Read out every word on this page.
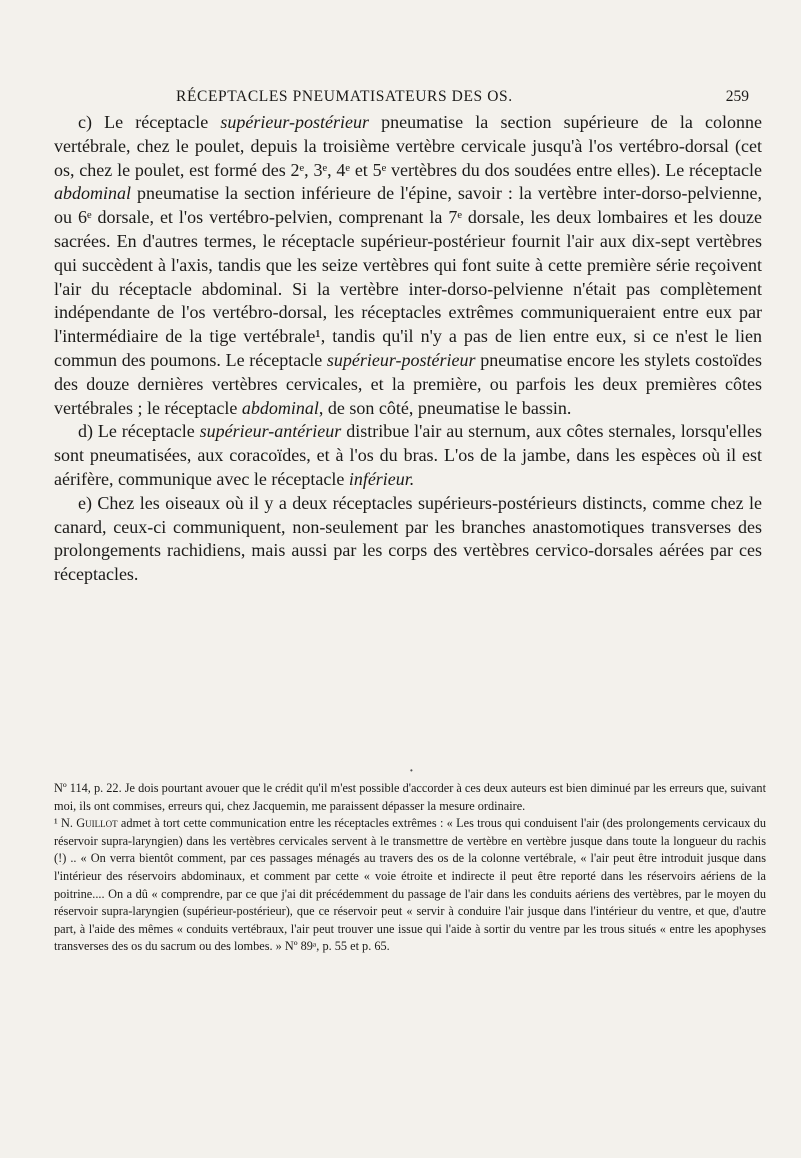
RÉCEPTACLES PNEUMATISATEURS DES OS.	259

c) Le réceptacle supérieur-postérieur pneumatise la section supérieure de la colonne vertébrale, chez le poulet, depuis la troisième vertèbre cervicale jusqu'à l'os vertébro-dorsal (cet os, chez le poulet, est formé des 2ᵉ, 3ᵉ, 4ᵉ et 5ᵉ vertèbres du dos soudées entre elles). Le réceptacle abdominal pneumatise la section inférieure de l'épine, savoir : la vertèbre inter-dorso-pelvienne, ou 6ᵉ dorsale, et l'os vertébro-pelvien, comprenant la 7ᵉ dorsale, les deux lombaires et les douze sacrées. En d'autres termes, le réceptacle supérieur-postérieur fournit l'air aux dix-sept vertèbres qui succèdent à l'axis, tandis que les seize vertèbres qui font suite à cette première série reçoivent l'air du réceptacle abdominal. Si la vertèbre inter-dorso-pelvienne n'était pas complètement indépendante de l'os vertébro-dorsal, les réceptacles extrêmes communiqueraient entre eux par l'intermédiaire de la tige vertébrale¹, tandis qu'il n'y a pas de lien entre eux, si ce n'est le lien commun des poumons. Le réceptacle supérieur-postérieur pneumatise encore les stylets costoïdes des douze dernières vertèbres cervicales, et la première, ou parfois les deux premières côtes vertébrales ; le réceptacle abdominal, de son côté, pneumatise le bassin.

d) Le réceptacle supérieur-antérieur distribue l'air au sternum, aux côtes sternales, lorsqu'elles sont pneumatisées, aux coracoïdes, et à l'os du bras. L'os de la jambe, dans les espèces où il est aérifère, communique avec le réceptacle inférieur.

e) Chez les oiseaux où il y a deux réceptacles supérieurs-postérieurs distincts, comme chez le canard, ceux-ci communiquent, non-seulement par les branches anastomotiques transverses des prolongements rachidiens, mais aussi par les corps des vertèbres cervico-dorsales aérées par ces réceptacles.

•

Nº 114, p. 22. Je dois pourtant avouer que le crédit qu'il m'est possible d'accorder à ces deux auteurs est bien diminué par les erreurs que, suivant moi, ils ont commises, erreurs qui, chez Jacquemin, me paraissent dépasser la mesure ordinaire.

¹ N. Guillot admet à tort cette communication entre les réceptacles extrêmes : « Les trous qui conduisent l'air (des prolongements cervicaux du réservoir supra-laryngien) dans les vertèbres cervicales servent à le transmettre de vertèbre en vertèbre jusque dans toute la longueur du rachis (!) .. « On verra bientôt comment, par ces passages ménagés au travers des os de la colonne vertébrale, « l'air peut être introduit jusque dans l'intérieur des réservoirs abdominaux, et comment par cette « voie étroite et indirecte il peut être reporté dans les réservoirs aériens de la poitrine.... On a dû « comprendre, par ce que j'ai dit précédemment du passage de l'air dans les conduits aériens des vertèbres, par le moyen du réservoir supra-laryngien (supérieur-postérieur), que ce réservoir peut « servir à conduire l'air jusque dans l'intérieur du ventre, et que, d'autre part, à l'aide des mêmes « conduits vertébraux, l'air peut trouver une issue qui l'aide à sortir du ventre par les trous situés « entre les apophyses transverses des os du sacrum ou des lombes. » Nº 89ᵃ, p. 55 et p. 65.
